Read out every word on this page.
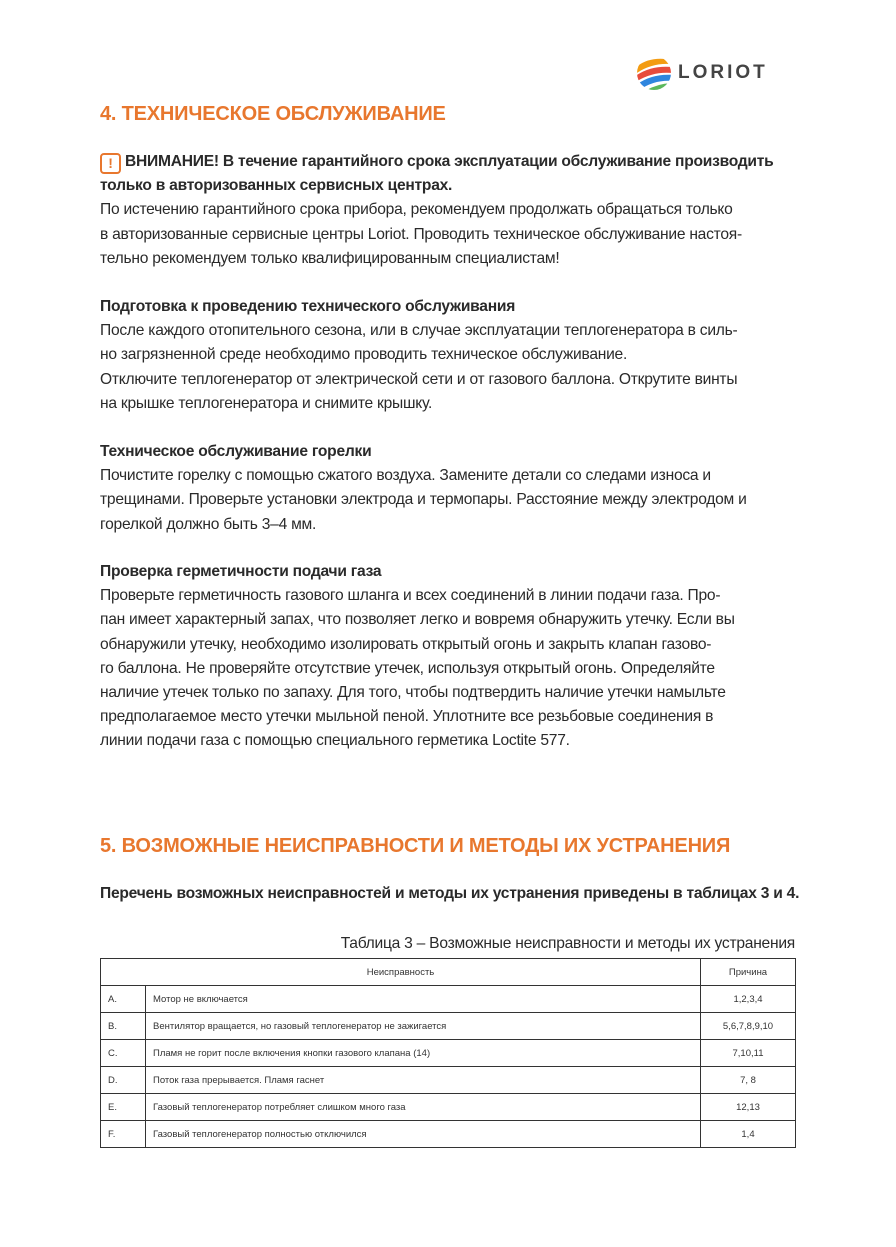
LORIOT
4. ТЕХНИЧЕСКОЕ ОБСЛУЖИВАНИЕ
! ВНИМАНИЕ! В течение гарантийного срока эксплуатации обслуживание производить
только в авторизованных сервисных центрах.
По истечению гарантийного срока прибора, рекомендуем продолжать обращаться только
в авторизованные сервисные центры Loriot. Проводить техническое обслуживание настоя-
тельно рекомендуем только квалифицированным специалистам!
Подготовка к проведению технического обслуживания
После каждого отопительного сезона, или в случае эксплуатации теплогенератора в силь-
но загрязненной среде необходимо проводить техническое обслуживание.
Отключите теплогенератор от электрической сети и от газового баллона. Открутите винты
на крышке теплогенератора и снимите крышку.
Техническое обслуживание горелки
Почистите горелку с помощью сжатого воздуха. Замените детали со следами износа и
трещинами. Проверьте установки электрода и термопары. Расстояние между электродом и
горелкой должно быть 3–4 мм.
Проверка герметичности подачи газа
Проверьте герметичность газового шланга и всех соединений в линии подачи газа. Про-
пан имеет характерный запах, что позволяет легко и вовремя обнаружить утечку. Если вы
обнаружили утечку, необходимо изолировать открытый огонь и закрыть клапан газово-
го баллона. Не проверяйте отсутствие утечек, используя открытый огонь. Определяйте
наличие утечек только по запаху. Для того, чтобы подтвердить наличие утечки намыльте
предполагаемое место утечки мыльной пеной. Уплотните все резьбовые соединения в
линии подачи газа с помощью специального герметика Loctite 577.
5. ВОЗМОЖНЫЕ НЕИСПРАВНОСТИ И МЕТОДЫ ИХ УСТРАНЕНИЯ
Перечень возможных неисправностей и методы их устранения приведены в таблицах 3 и 4.
Таблица 3 – Возможные неисправности и методы их устранения
Неисправность		Причина
A.	Мотор не включается	1,2,3,4
B.	Вентилятор вращается, но газовый теплогенератор не зажигается	5,6,7,8,9,10
C.	Пламя не горит после включения кнопки газового клапана (14)	7,10,11
D.	Поток газа прерывается. Пламя гаснет	7, 8
E.	Газовый теплогенератор потребляет слишком много газа	12,13
F.	Газовый теплогенератор полностью отключился	1,4
